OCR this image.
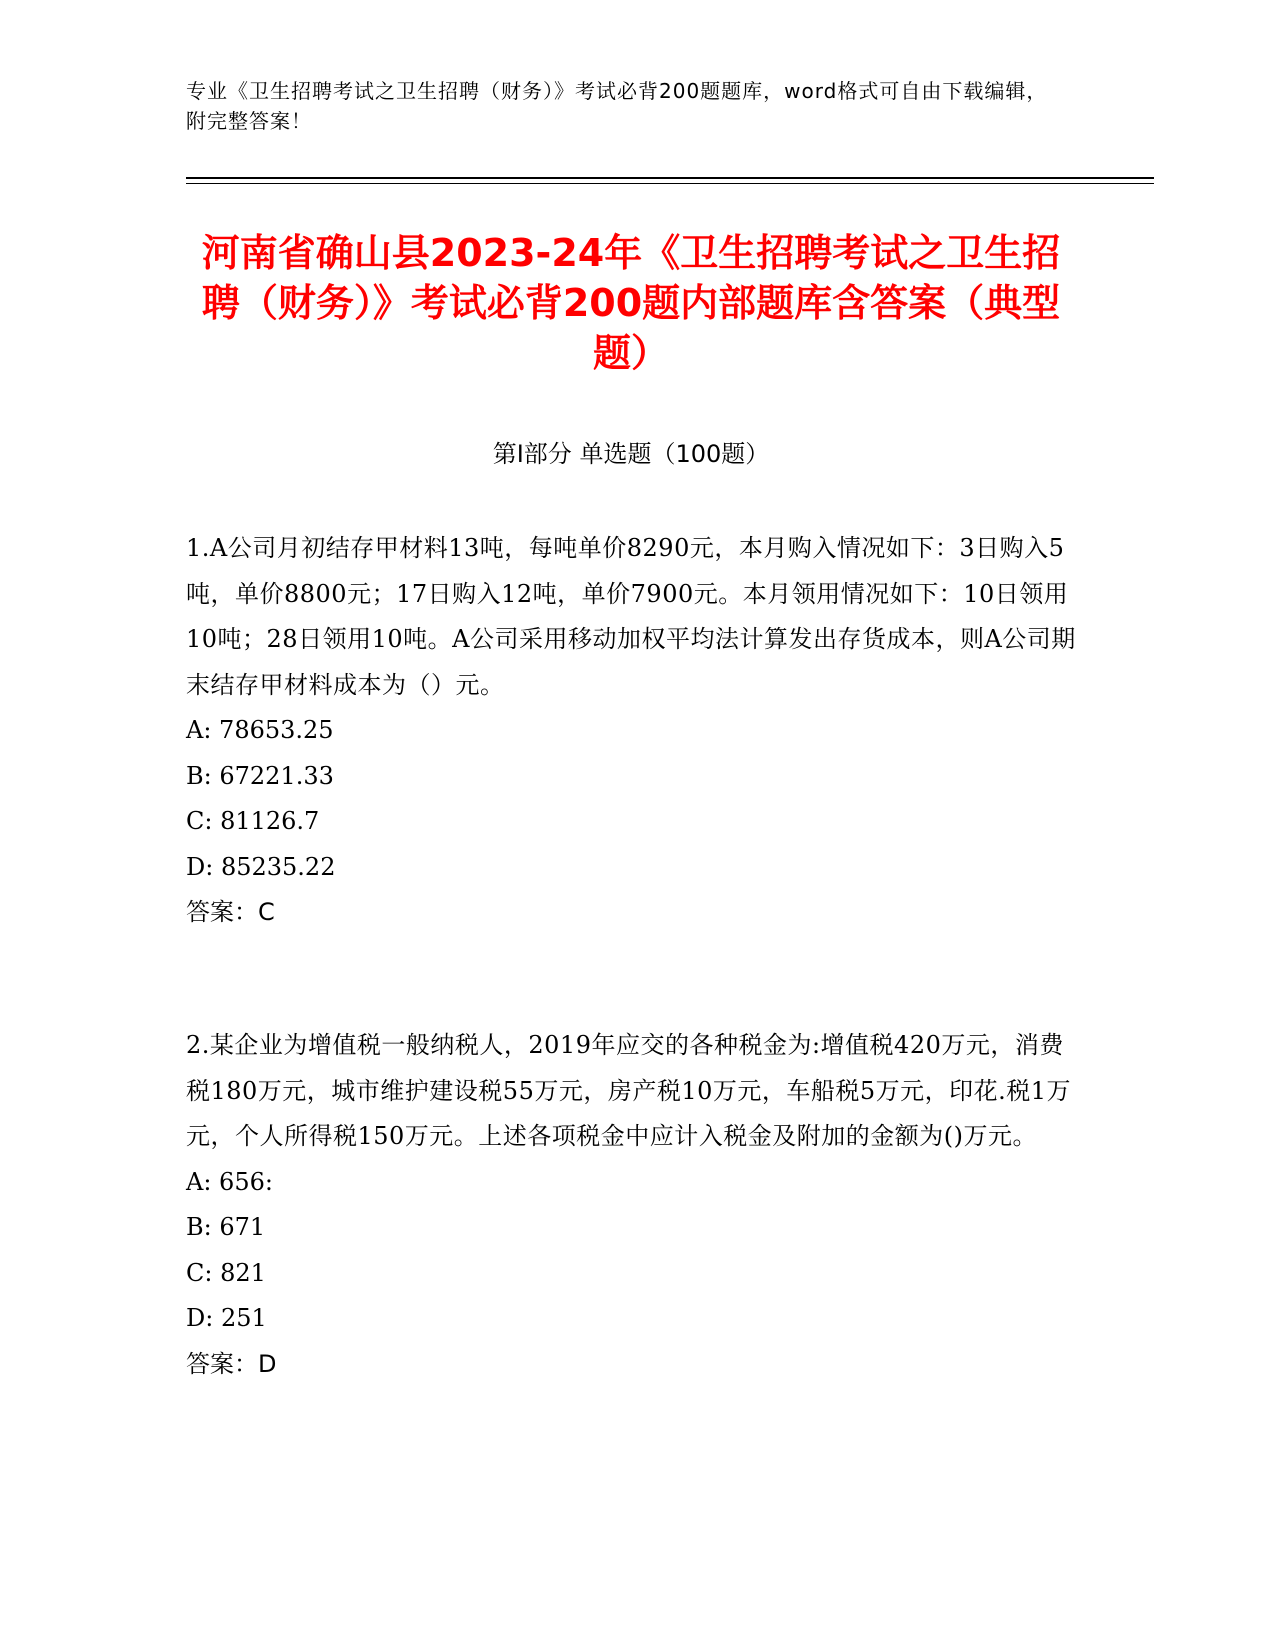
专业《卫生招聘考试之卫生招聘（财务）》考试必背200题题库，word格式可自由下载编辑，附完整答案！

河南省确山县2023-24年《卫生招聘考试之卫生招聘（财务）》考试必背200题内部题库含答案（典型题）
第Ⅰ部分 单选题（100题）

1.A公司月初结存甲材料13吨，每吨单价8290元，本月购入情况如下：3日购入5吨，单价8800元；17日购入12吨，单价7900元。本月领用情况如下：10日领用10吨；28日领用10吨。A公司采用移动加权平均法计算发出存货成本，则A公司期末结存甲材料成本为（）元。

A: 78653.25

B: 67221.33

C: 81126.7

D: 85235.22

答案：C

2.某企业为增值税一般纳税人，2019年应交的各种税金为:增值税420万元，消费税180万元，城市维护建设税55万元，房产税10万元，车船税5万元，印花.税1万元，个人所得税150万元。上述各项税金中应计入税金及附加的金额为()万元。

A: 656:

B: 671

C: 821

D: 251

答案：D
